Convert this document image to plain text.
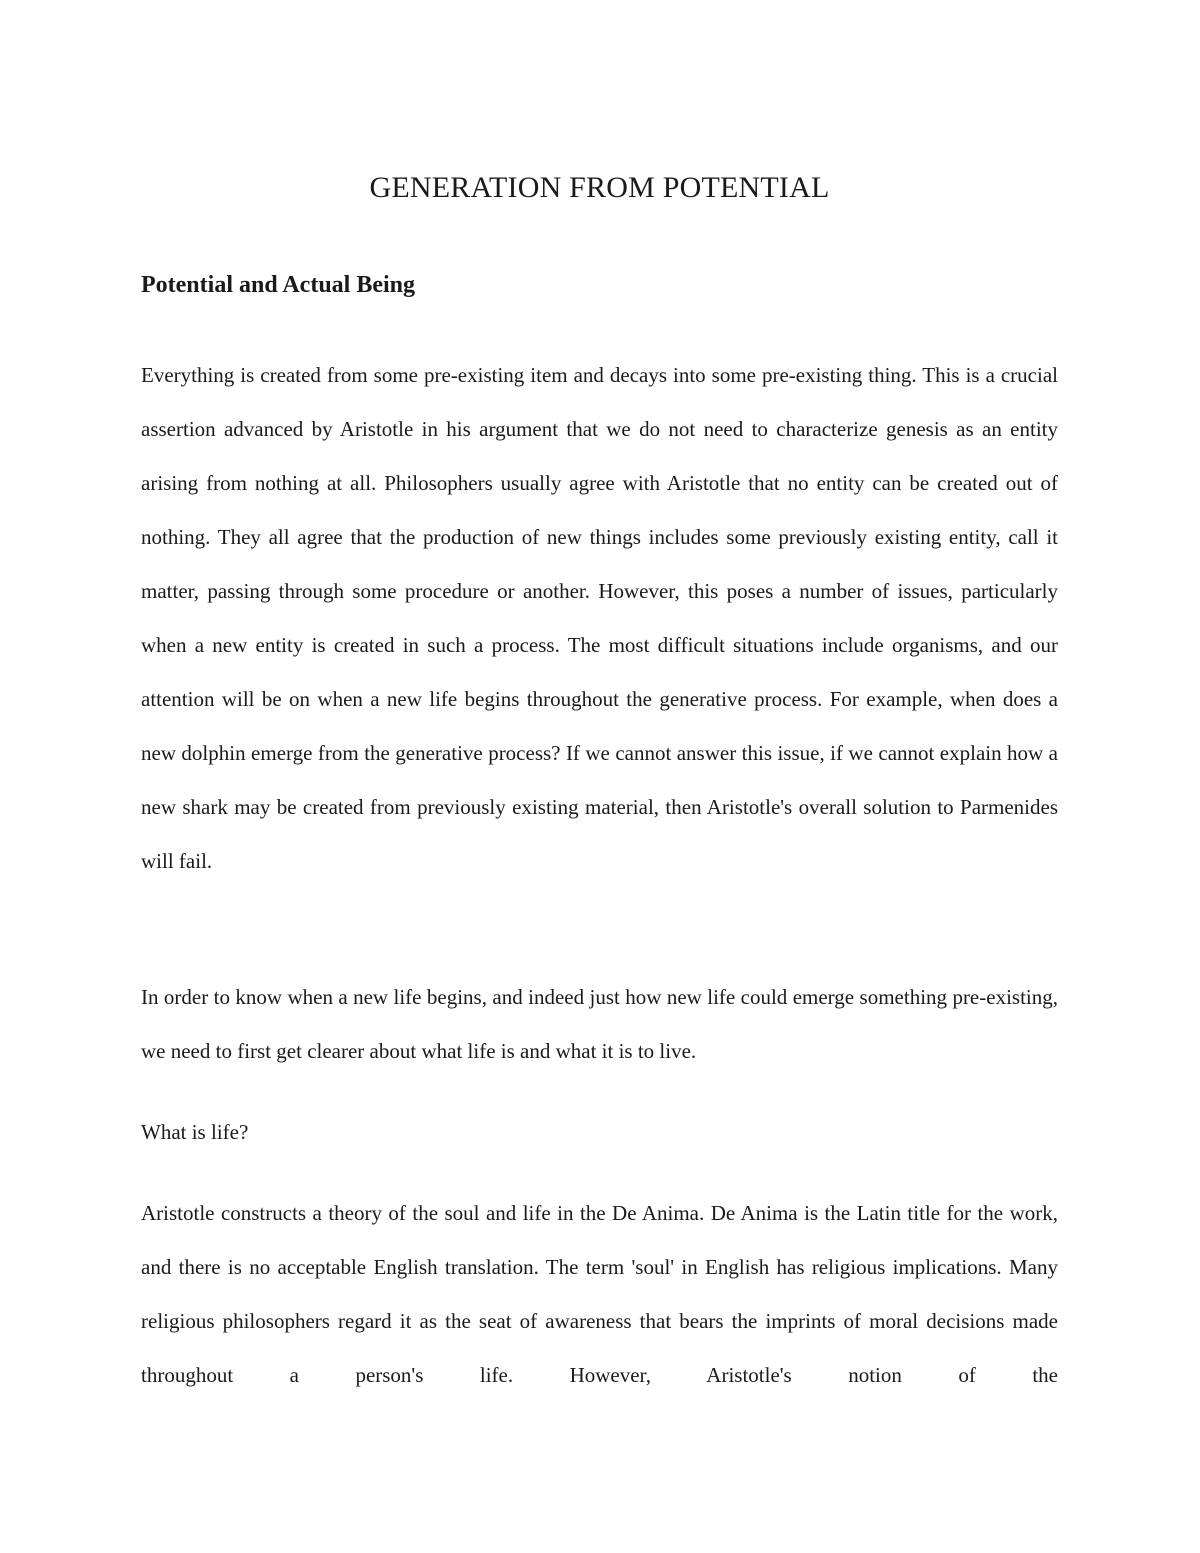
GENERATION FROM POTENTIAL
Potential and Actual Being

Everything is created from some pre-existing item and decays into some pre-existing thing. This is a crucial assertion advanced by Aristotle in his argument that we do not need to characterize genesis as an entity arising from nothing at all. Philosophers usually agree with Aristotle that no entity can be created out of nothing. They all agree that the production of new things includes some previously existing entity, call it matter, passing through some procedure or another. However, this poses a number of issues, particularly when a new entity is created in such a process. The most difficult situations include organisms, and our attention will be on when a new life begins throughout the generative process. For example, when does a new dolphin emerge from the generative process? If we cannot answer this issue, if we cannot explain how a new shark may be created from previously existing material, then Aristotle's overall solution to Parmenides will fail.

In order to know when a new life begins, and indeed just how new life could emerge something pre-existing, we need to first get clearer about what life is and what it is to live.

What is life?

Aristotle constructs a theory of the soul and life in the De Anima. De Anima is the Latin title for the work, and there is no acceptable English translation. The term 'soul' in English has religious implications. Many religious philosophers regard it as the seat of awareness that bears the imprints of moral decisions made throughout a person's life. However, Aristotle's notion of the
